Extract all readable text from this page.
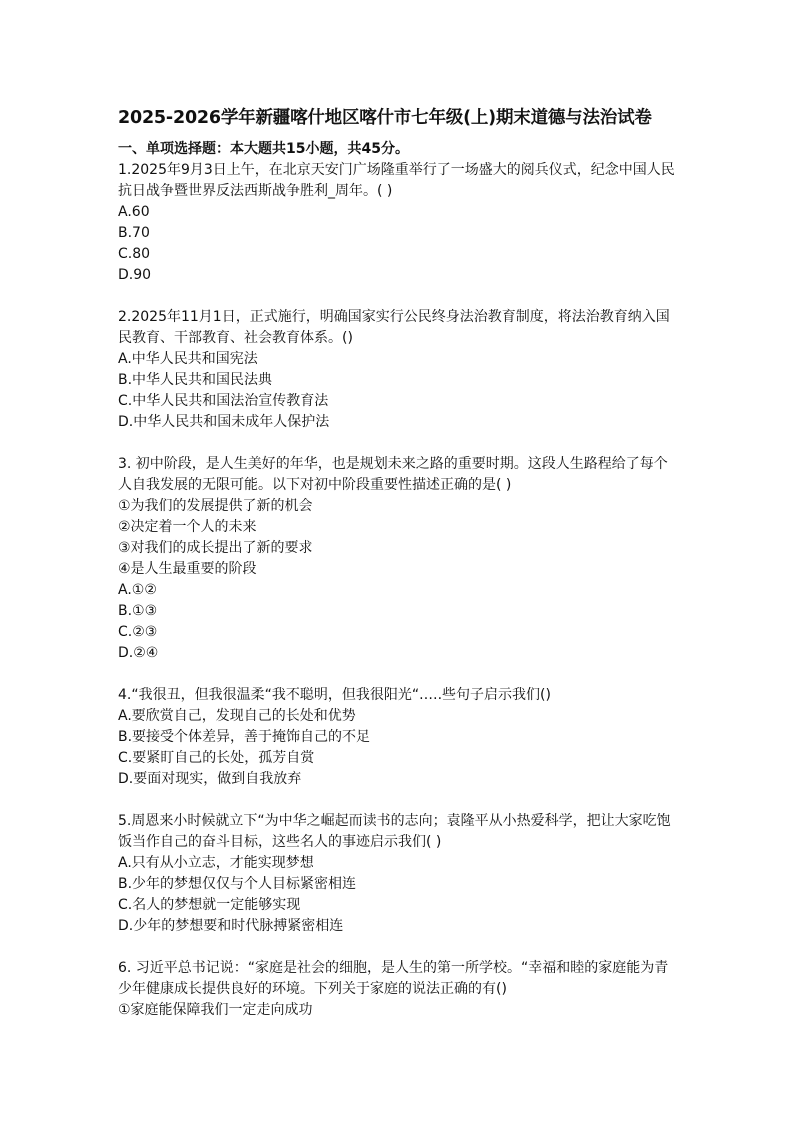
2025-2026学年新疆喀什地区喀什市七年级(上)期末道德与法治试卷
一、单项选择题：本大题共15小题，共45分。
1.2025年9月3日上午，在北京天安门广场隆重举行了一场盛大的阅兵仪式，纪念中国人民抗日战争暨世界反法西斯战争胜利_周年。( )
A.60
B.70
C.80
D.90
2.2025年11月1日，正式施行，明确国家实行公民终身法治教育制度，将法治教育纳入国民教育、干部教育、社会教育体系。()
A.中华人民共和国宪法
B.中华人民共和国民法典
C.中华人民共和国法治宣传教育法
D.中华人民共和国未成年人保护法
3. 初中阶段，是人生美好的年华，也是规划未来之路的重要时期。这段人生路程给了每个人自我发展的无限可能。以下对初中阶段重要性描述正确的是( )
①为我们的发展提供了新的机会
②决定着一个人的未来
③对我们的成长提出了新的要求
④是人生最重要的阶段
A.①②
B.①③
C.②③
D.②④
4.“我很丑，但我很温柔“我不聪明，但我很阳光“.….些句子启示我们()
A.要欣赏自己，发现自己的长处和优势
B.要接受个体差异，善于掩饰自己的不足
C.要紧盯自己的长处，孤芳自赏
D.要面对现实，做到自我放弃
5.周恩来小时候就立下“为中华之崛起而读书的志向；袁隆平从小热爱科学，把让大家吃饱饭当作自己的奋斗目标，这些名人的事迹启示我们( )
A.只有从小立志，才能实现梦想
B.少年的梦想仅仅与个人目标紧密相连
C.名人的梦想就一定能够实现
D.少年的梦想要和时代脉搏紧密相连
6. 习近平总书记说：“家庭是社会的细胞，是人生的第一所学校。“幸福和睦的家庭能为青少年健康成长提供良好的环境。下列关于家庭的说法正确的有()
①家庭能保障我们一定走向成功
